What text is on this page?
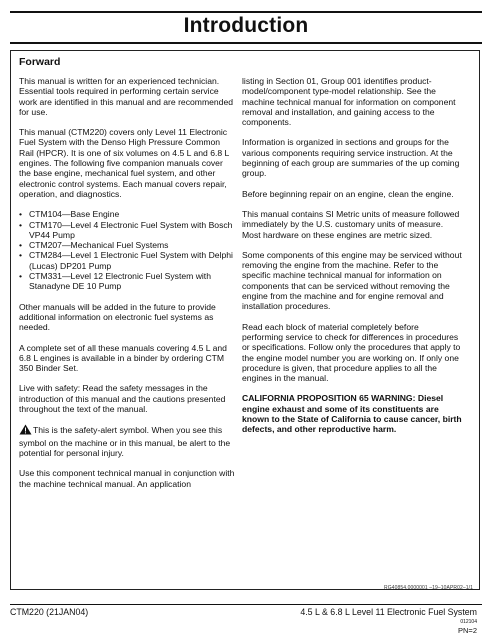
Introduction
Forward

This manual is written for an experienced technician. Essential tools required in performing certain service work are identified in this manual and are recommended for use.

This manual (CTM220) covers only Level 11 Electronic Fuel System with the Denso High Pressure Common Rail (HPCR). It is one of six volumes on 4.5 L and 6.8 L engines. The following five companion manuals cover the base engine, mechanical fuel system, and other electronic control systems. Each manual covers repair, operation, and diagnostics.

• CTM104—Base Engine
• CTM170—Level 4 Electronic Fuel System with Bosch VP44 Pump
• CTM207—Mechanical Fuel Systems
• CTM284—Level 1 Electronic Fuel System with Delphi (Lucas) DP201 Pump
• CTM331—Level 12 Electronic Fuel System with Stanadyne DE 10 Pump

Other manuals will be added in the future to provide additional information on electronic fuel systems as needed.

A complete set of all these manuals covering 4.5 L and 6.8 L engines is available in a binder by ordering CTM 350 Binder Set.

Live with safety: Read the safety messages in the introduction of this manual and the cautions presented throughout the text of the manual.

This is the safety-alert symbol. When you see this symbol on the machine or in this manual, be alert to the potential for personal injury.

Use this component technical manual in conjunction with the machine technical manual. An application

listing in Section 01, Group 001 identifies product-model/component type-model relationship. See the machine technical manual for information on component removal and installation, and gaining access to the components.

Information is organized in sections and groups for the various components requiring service instruction. At the beginning of each group are summaries of the up coming group.

Before beginning repair on an engine, clean the engine.

This manual contains SI Metric units of measure followed immediately by the U.S. customary units of measure. Most hardware on these engines are metric sized.

Some components of this engine may be serviced without removing the engine from the machine. Refer to the specific machine technical manual for information on components that can be serviced without removing the engine from the machine and for engine removal and installation procedures.

Read each block of material completely before performing service to check for differences in procedures or specifications. Follow only the procedures that apply to the engine model number you are working on. If only one procedure is given, that procedure applies to all the engines in the manual.

CALIFORNIA PROPOSITION 65 WARNING: Diesel engine exhaust and some of its constituents are known to the State of California to cause cancer, birth defects, and other reproductive harm.

RG40854,0000001 –19–10APR02–1/1
CTM220 (21JAN04)	4.5 L & 6.8 L Level 11 Electronic Fuel System
012104
PN=2
